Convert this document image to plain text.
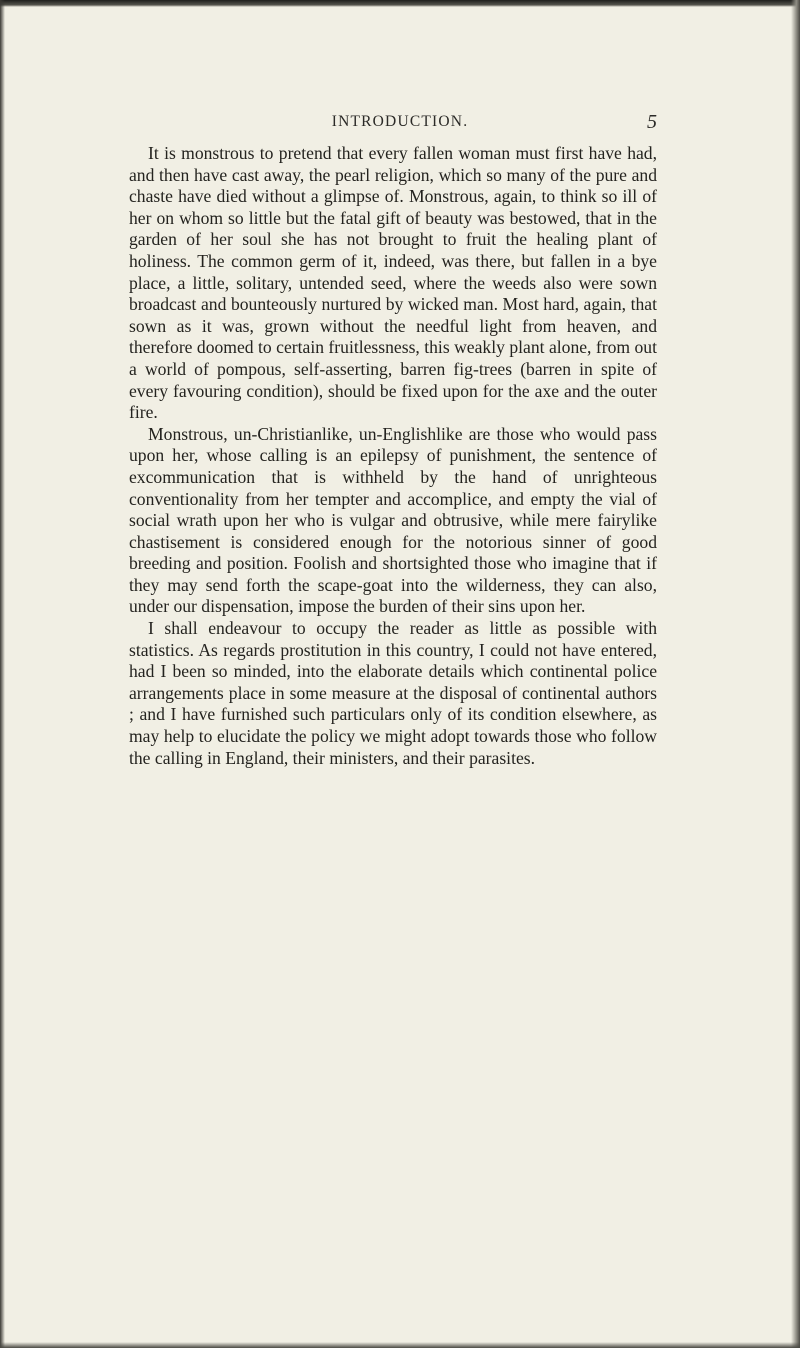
INTRODUCTION.	5

It is monstrous to pretend that every fallen woman must first have had, and then have cast away, the pearl religion, which so many of the pure and chaste have died without a glimpse of. Monstrous, again, to think so ill of her on whom so little but the fatal gift of beauty was bestowed, that in the garden of her soul she has not brought to fruit the healing plant of holiness. The common germ of it, indeed, was there, but fallen in a bye place, a little, solitary, untended seed, where the weeds also were sown broadcast and bounteously nurtured by wicked man. Most hard, again, that sown as it was, grown without the needful light from heaven, and therefore doomed to certain fruitlessness, this weakly plant alone, from out a world of pompous, self-asserting, barren fig-trees (barren in spite of every favouring condition), should be fixed upon for the axe and the outer fire.

Monstrous, un-Christianlike, un-Englishlike are those who would pass upon her, whose calling is an epilepsy of punishment, the sentence of excommunication that is withheld by the hand of unrighteous conventionality from her tempter and accomplice, and empty the vial of social wrath upon her who is vulgar and obtrusive, while mere fairylike chastisement is considered enough for the notorious sinner of good breeding and position. Foolish and shortsighted those who imagine that if they may send forth the scape-goat into the wilderness, they can also, under our dispensation, impose the burden of their sins upon her.

I shall endeavour to occupy the reader as little as possible with statistics. As regards prostitution in this country, I could not have entered, had I been so minded, into the elaborate details which continental police arrangements place in some measure at the disposal of continental authors ; and I have furnished such particulars only of its condition elsewhere, as may help to elucidate the policy we might adopt towards those who follow the calling in England, their ministers, and their parasites.
